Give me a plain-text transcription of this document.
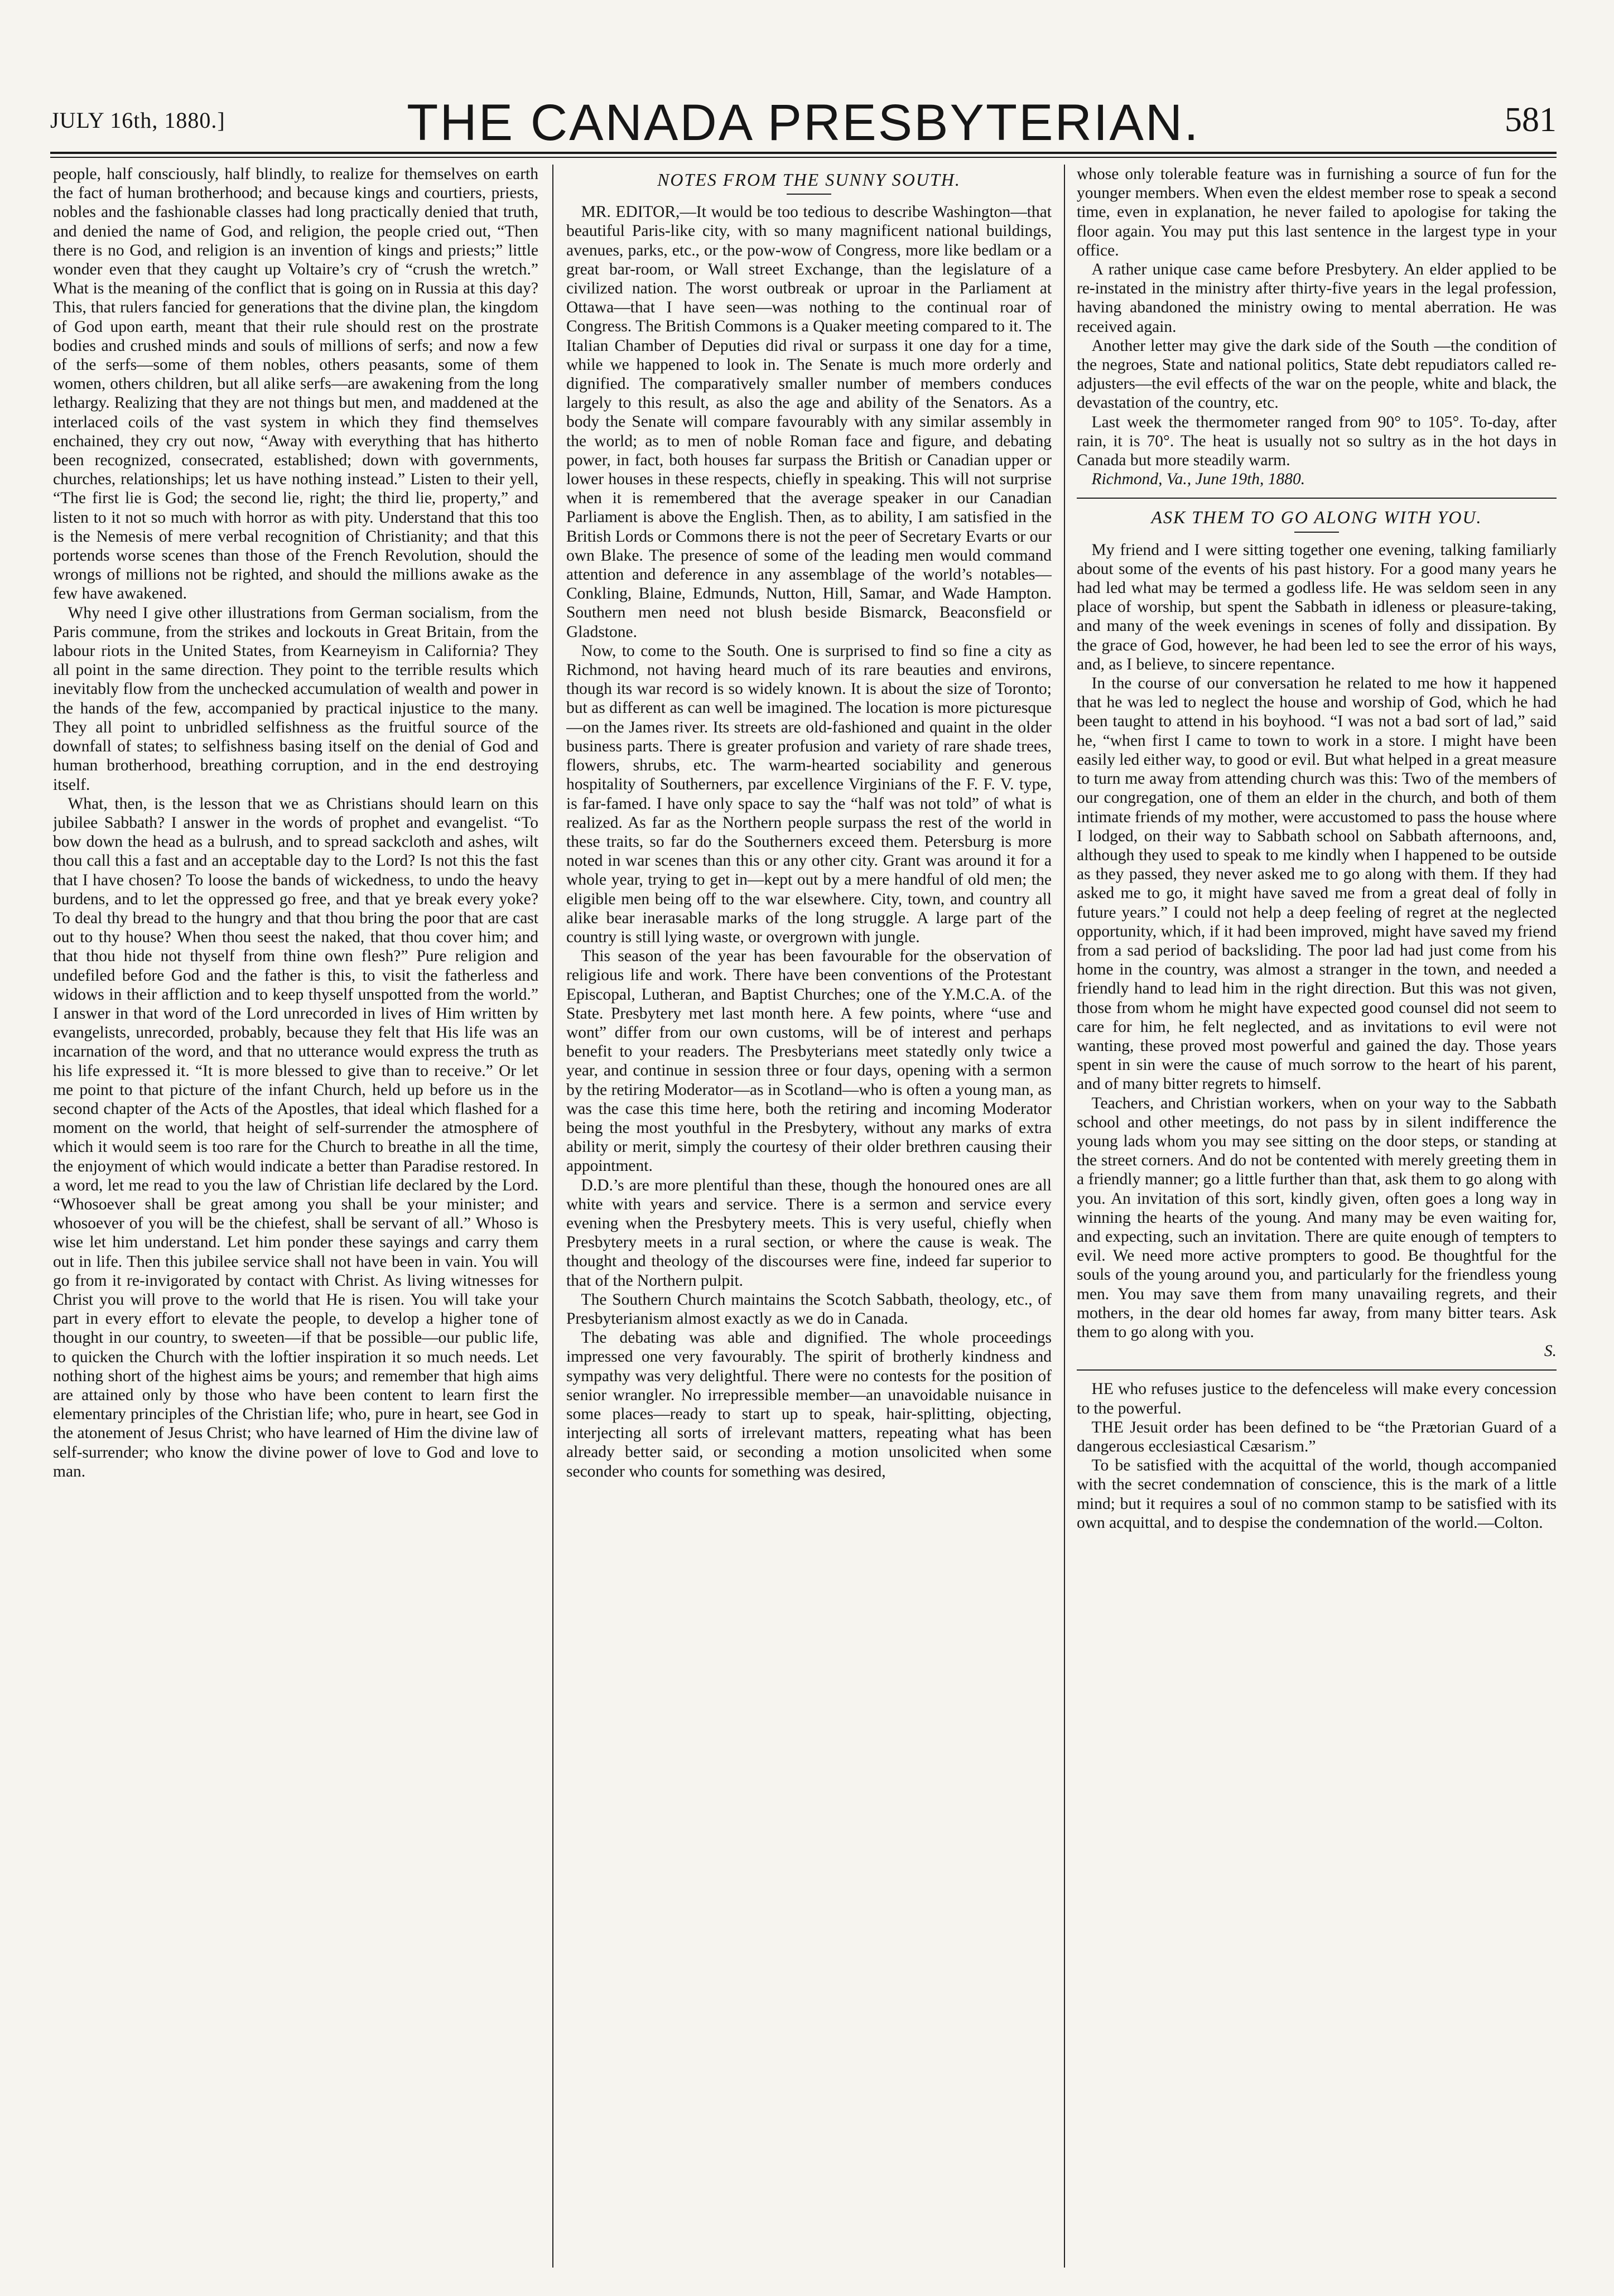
JULY 16th, 1880.]	THE CANADA PRESBYTERIAN.	581

people, half consciously, half blindly, to realize for themselves on earth the fact of human brotherhood; and because kings and courtiers, priests, nobles and the fashionable classes had long practically denied that truth, and denied the name of God, and religion, the people cried out, “Then there is no God, and religion is an invention of kings and priests;” little wonder even that they caught up Voltaire’s cry of “crush the wretch.” What is the meaning of the conflict that is going on in Russia at this day? This, that rulers fancied for generations that the divine plan, the kingdom of God upon earth, meant that their rule should rest on the prostrate bodies and crushed minds and souls of millions of serfs; and now a few of the serfs—some of them nobles, others peasants, some of them women, others children, but all alike serfs—are awakening from the long lethargy. Realizing that they are not things but men, and maddened at the interlaced coils of the vast system in which they find themselves enchained, they cry out now, “Away with everything that has hitherto been recognized, consecrated, established; down with governments, churches, relationships; let us have nothing instead.” Listen to their yell, “The first lie is God; the second lie, right; the third lie, property,” and listen to it not so much with horror as with pity. Understand that this too is the Nemesis of mere verbal recognition of Christianity; and that this portends worse scenes than those of the French Revolution, should the wrongs of millions not be righted, and should the millions awake as the few have awakened.

Why need I give other illustrations from German socialism, from the Paris commune, from the strikes and lockouts in Great Britain, from the labour riots in the United States, from Kearneyism in California? They all point in the same direction. They point to the terrible results which inevitably flow from the unchecked accumulation of wealth and power in the hands of the few, accompanied by practical injustice to the many. They all point to unbridled selfishness as the fruitful source of the downfall of states; to selfishness basing itself on the denial of God and human brotherhood, breathing corruption, and in the end destroying itself.

What, then, is the lesson that we as Christians should learn on this jubilee Sabbath? I answer in the words of prophet and evangelist. “To bow down the head as a bulrush, and to spread sackcloth and ashes, wilt thou call this a fast and an acceptable day to the Lord? Is not this the fast that I have chosen? To loose the bands of wickedness, to undo the heavy burdens, and to let the oppressed go free, and that ye break every yoke? To deal thy bread to the hungry and that thou bring the poor that are cast out to thy house? When thou seest the naked, that thou cover him; and that thou hide not thyself from thine own flesh?” Pure religion and undefiled before God and the father is this, to visit the fatherless and widows in their affliction and to keep thyself unspotted from the world.” I answer in that word of the Lord unrecorded in lives of Him written by evangelists, unrecorded, probably, because they felt that His life was an incarnation of the word, and that no utterance would express the truth as his life expressed it. “It is more blessed to give than to receive.” Or let me point to that picture of the infant Church, held up before us in the second chapter of the Acts of the Apostles, that ideal which flashed for a moment on the world, that height of self-surrender the atmosphere of which it would seem is too rare for the Church to breathe in all the time, the enjoyment of which would indicate a better than Paradise restored. In a word, let me read to you the law of Christian life declared by the Lord. “Whosoever shall be great among you shall be your minister; and whosoever of you will be the chiefest, shall be servant of all.” Whoso is wise let him understand. Let him ponder these sayings and carry them out in life. Then this jubilee service shall not have been in vain. You will go from it re-invigorated by contact with Christ. As living witnesses for Christ you will prove to the world that He is risen. You will take your part in every effort to elevate the people, to develop a higher tone of thought in our country, to sweeten—if that be possible—our public life, to quicken the Church with the loftier inspiration it so much needs. Let nothing short of the highest aims be yours; and remember that high aims are attained only by those who have been content to learn first the elementary principles of the Christian life; who, pure in heart, see God in the atonement of Jesus Christ; who have learned of Him the divine law of self-surrender; who know the divine power of love to God and love to man.

NOTES FROM THE SUNNY SOUTH.

MR. EDITOR,—It would be too tedious to describe Washington—that beautiful Paris-like city, with so many magnificent national buildings, avenues, parks, etc., or the pow-wow of Congress, more like bedlam or a great bar-room, or Wall street Exchange, than the legislature of a civilized nation. The worst outbreak or uproar in the Parliament at Ottawa—that I have seen—was nothing to the continual roar of Congress. The British Commons is a Quaker meeting compared to it. The Italian Chamber of Deputies did rival or surpass it one day for a time, while we happened to look in. The Senate is much more orderly and dignified. The comparatively smaller number of members conduces largely to this result, as also the age and ability of the Senators. As a body the Senate will compare favourably with any similar assembly in the world; as to men of noble Roman face and figure, and debating power, in fact, both houses far surpass the British or Canadian upper or lower houses in these respects, chiefly in speaking. This will not surprise when it is remembered that the average speaker in our Canadian Parliament is above the English. Then, as to ability, I am satisfied in the British Lords or Commons there is not the peer of Secretary Evarts or our own Blake. The presence of some of the leading men would command attention and deference in any assemblage of the world’s notables—Conkling, Blaine, Edmunds, Nutton, Hill, Samar, and Wade Hampton. Southern men need not blush beside Bismarck, Beaconsfield or Gladstone.

Now, to come to the South. One is surprised to find so fine a city as Richmond, not having heard much of its rare beauties and environs, though its war record is so widely known. It is about the size of Toronto; but as different as can well be imagined. The location is more picturesque—on the James river. Its streets are old-fashioned and quaint in the older business parts. There is greater profusion and variety of rare shade trees, flowers, shrubs, etc. The warm-hearted sociability and generous hospitality of Southerners, par excellence Virginians of the F. F. V. type, is far-famed. I have only space to say the “half was not told” of what is realized. As far as the Northern people surpass the rest of the world in these traits, so far do the Southerners exceed them. Petersburg is more noted in war scenes than this or any other city. Grant was around it for a whole year, trying to get in—kept out by a mere handful of old men; the eligible men being off to the war elsewhere. City, town, and country all alike bear inerasable marks of the long struggle. A large part of the country is still lying waste, or overgrown with jungle.

This season of the year has been favourable for the observation of religious life and work. There have been conventions of the Protestant Episcopal, Lutheran, and Baptist Churches; one of the Y.M.C.A. of the State. Presbytery met last month here. A few points, where “use and wont” differ from our own customs, will be of interest and perhaps benefit to your readers. The Presbyterians meet statedly only twice a year, and continue in session three or four days, opening with a sermon by the retiring Moderator—as in Scotland—who is often a young man, as was the case this time here, both the retiring and incoming Moderator being the most youthful in the Presbytery, without any marks of extra ability or merit, simply the courtesy of their older brethren causing their appointment.

D.D.’s are more plentiful than these, though the honoured ones are all white with years and service. There is a sermon and service every evening when the Presbytery meets. This is very useful, chiefly when Presbytery meets in a rural section, or where the cause is weak. The thought and theology of the discourses were fine, indeed far superior to that of the Northern pulpit.

The Southern Church maintains the Scotch Sabbath, theology, etc., of Presbyterianism almost exactly as we do in Canada.

The debating was able and dignified. The whole proceedings impressed one very favourably. The spirit of brotherly kindness and sympathy was very delightful. There were no contests for the position of senior wrangler. No irrepressible member—an unavoidable nuisance in some places—ready to start up to speak, hair-splitting, objecting, interjecting all sorts of irrelevant matters, repeating what has been already better said, or seconding a motion unsolicited when some seconder who counts for something was desired,

whose only tolerable feature was in furnishing a source of fun for the younger members. When even the eldest member rose to speak a second time, even in explanation, he never failed to apologise for taking the floor again. You may put this last sentence in the largest type in your office.

A rather unique case came before Presbytery. An elder applied to be re-instated in the ministry after thirty-five years in the legal profession, having abandoned the ministry owing to mental aberration. He was received again.

Another letter may give the dark side of the South —the condition of the negroes, State and national politics, State debt repudiators called re-adjusters—the evil effects of the war on the people, white and black, the devastation of the country, etc.

Last week the thermometer ranged from 90° to 105°. To-day, after rain, it is 70°. The heat is usually not so sultry as in the hot days in Canada but more steadily warm.

Richmond, Va., June 19th, 1880.

ASK THEM TO GO ALONG WITH YOU.

My friend and I were sitting together one evening, talking familiarly about some of the events of his past history. For a good many years he had led what may be termed a godless life. He was seldom seen in any place of worship, but spent the Sabbath in idleness or pleasure-taking, and many of the week evenings in scenes of folly and dissipation. By the grace of God, however, he had been led to see the error of his ways, and, as I believe, to sincere repentance.

In the course of our conversation he related to me how it happened that he was led to neglect the house and worship of God, which he had been taught to attend in his boyhood. “I was not a bad sort of lad,” said he, “when first I came to town to work in a store. I might have been easily led either way, to good or evil. But what helped in a great measure to turn me away from attending church was this: Two of the members of our congregation, one of them an elder in the church, and both of them intimate friends of my mother, were accustomed to pass the house where I lodged, on their way to Sabbath school on Sabbath afternoons, and, although they used to speak to me kindly when I happened to be outside as they passed, they never asked me to go along with them. If they had asked me to go, it might have saved me from a great deal of folly in future years.” I could not help a deep feeling of regret at the neglected opportunity, which, if it had been improved, might have saved my friend from a sad period of backsliding. The poor lad had just come from his home in the country, was almost a stranger in the town, and needed a friendly hand to lead him in the right direction. But this was not given, those from whom he might have expected good counsel did not seem to care for him, he felt neglected, and as invitations to evil were not wanting, these proved most powerful and gained the day. Those years spent in sin were the cause of much sorrow to the heart of his parent, and of many bitter regrets to himself.

Teachers, and Christian workers, when on your way to the Sabbath school and other meetings, do not pass by in silent indifference the young lads whom you may see sitting on the door steps, or standing at the street corners. And do not be contented with merely greeting them in a friendly manner; go a little further than that, ask them to go along with you. An invitation of this sort, kindly given, often goes a long way in winning the hearts of the young. And many may be even waiting for, and expecting, such an invitation. There are quite enough of tempters to evil. We need more active prompters to good. Be thoughtful for the souls of the young around you, and particularly for the friendless young men. You may save them from many unavailing regrets, and their mothers, in the dear old homes far away, from many bitter tears. Ask them to go along with you.

S.

HE who refuses justice to the defenceless will make every concession to the powerful.

THE Jesuit order has been defined to be “the Prætorian Guard of a dangerous ecclesiastical Cæsarism.”

To be satisfied with the acquittal of the world, though accompanied with the secret condemnation of conscience, this is the mark of a little mind; but it requires a soul of no common stamp to be satisfied with its own acquittal, and to despise the condemnation of the world.—Colton.
